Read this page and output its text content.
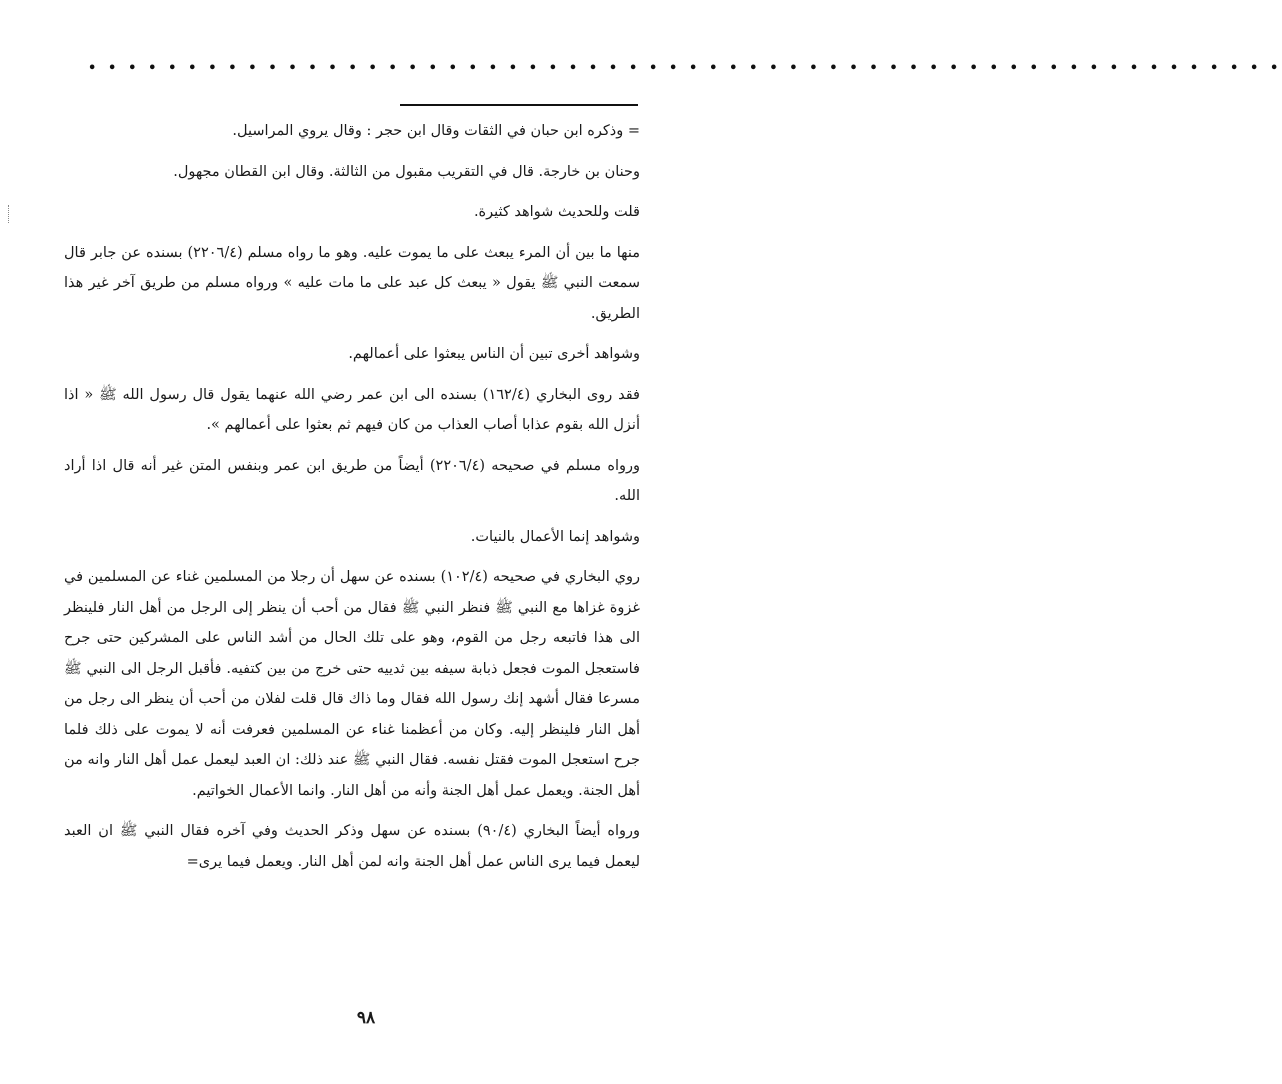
• • • • • • • • • • • • • • • • • • • • • • • • • • • • • • • • • • • • • • • • • • • • • • • • • • • • • • • • • • • •

= وذكره ابن حبان في الثقات وقال ابن حجر : وقال يروي المراسيل.

وحنان بن خارجة. قال في التقريب مقبول من الثالثة. وقال ابن القطان مجهول.

قلت وللحديث شواهد كثيرة.

منها ما بين أن المرء يبعث على ما يموت عليه. وهو ما رواه مسلم (٢٢٠٦/٤) بسنده عن جابر قال سمعت النبي ﷺ يقول « يبعث كل عبد على ما مات عليه » ورواه مسلم من طريق آخر غير هذا الطريق.

وشواهد أخرى تبين أن الناس يبعثوا على أعمالهم.

فقد روى البخاري (١٦٢/٤) بسنده الى ابن عمر رضي الله عنهما يقول قال رسول الله ﷺ « اذا أنزل الله بقوم عذابا أصاب العذاب من كان فيهم ثم بعثوا على أعمالهم ».

ورواه مسلم في صحيحه (٢٢٠٦/٤) أيضاً من طريق ابن عمر وبنفس المتن غير أنه قال اذا أراد الله.

وشواهد إنما الأعمال بالنيات.

روي البخاري في صحيحه (١٠٢/٤) بسنده عن سهل أن رجلا من المسلمين غناء عن المسلمين في غزوة غزاها مع النبي ﷺ فنظر النبي ﷺ فقال من أحب أن ينظر إلى الرجل من أهل النار فلينظر الى هذا فاتبعه رجل من القوم، وهو على تلك الحال من أشد الناس على المشركين حتى جرح فاستعجل الموت فجعل ذبابة سيفه بين ثدييه حتى خرج من بين كتفيه. فأقبل الرجل الى النبي ﷺ مسرعا فقال أشهد إنك رسول الله فقال وما ذاك قال قلت لفلان من أحب أن ينظر الى رجل من أهل النار فلينظر إليه. وكان من أعظمنا غناء عن المسلمين فعرفت أنه لا يموت على ذلك فلما جرح استعجل الموت فقتل نفسه. فقال النبي ﷺ عند ذلك: ان العبد ليعمل عمل أهل النار وانه من أهل الجنة. ويعمل عمل أهل الجنة وأنه من أهل النار. وانما الأعمال الخواتيم.

ورواه أيضاً البخاري (٩٠/٤) بسنده عن سهل وذكر الحديث وفي آخره فقال النبي ﷺ ان العبد ليعمل فيما يرى الناس عمل أهل الجنة وانه لمن أهل النار. ويعمل فيما يرى=

٩٨
